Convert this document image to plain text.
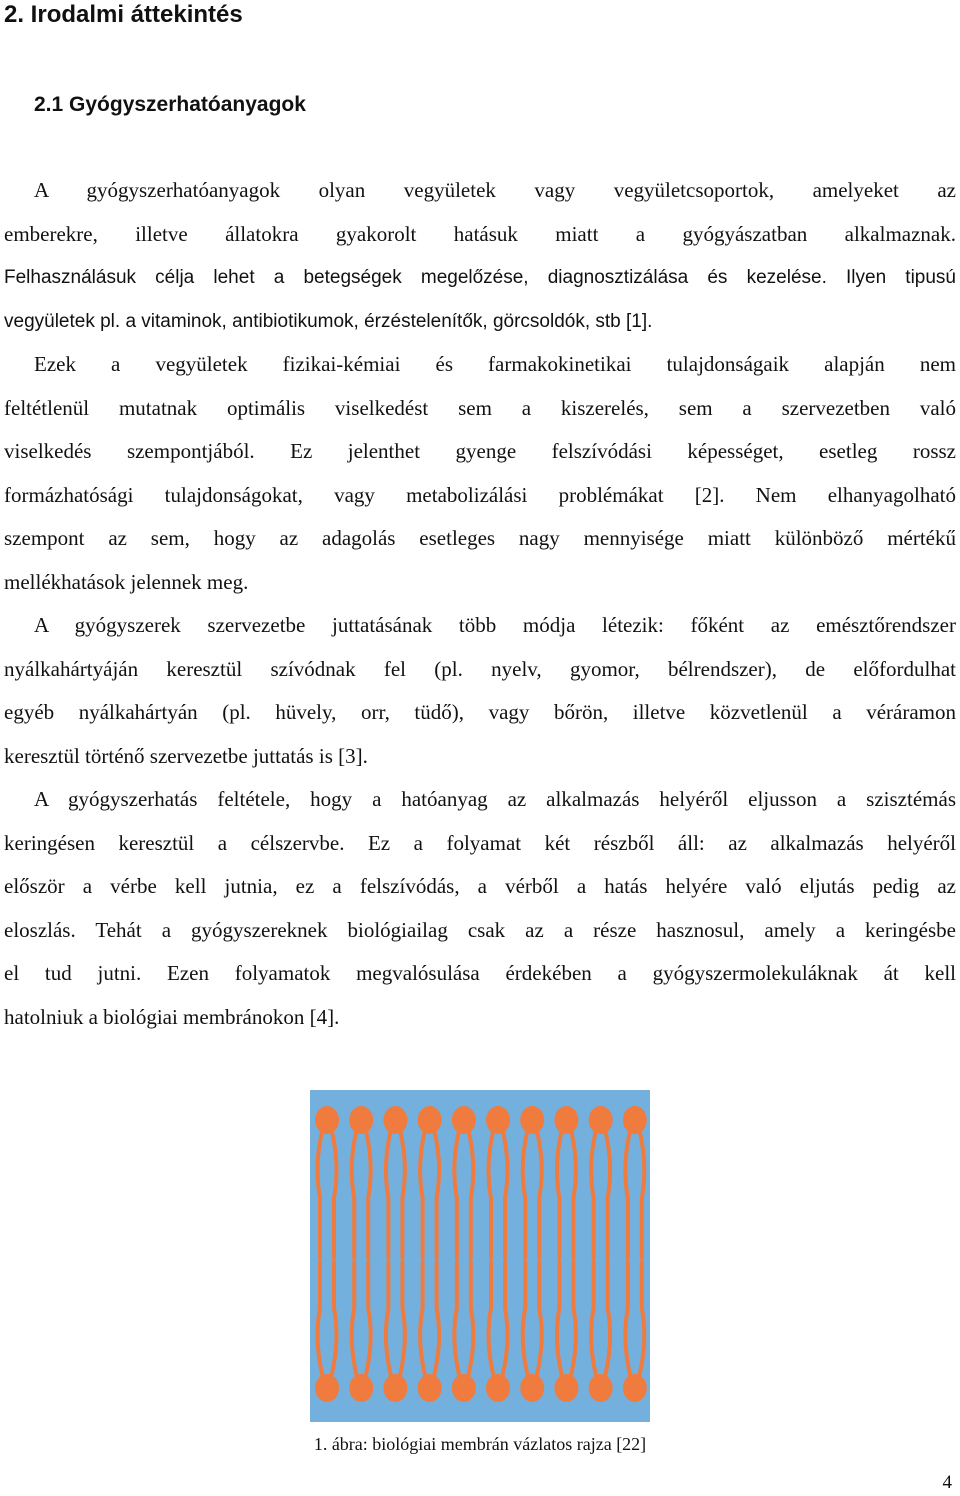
2. Irodalmi áttekintés
2.1 Gyógyszerhatóanyagok

A gyógyszerhatóanyagok olyan vegyületek vagy vegyületcsoportok, amelyeket az
emberekre, illetve állatokra gyakorolt hatásuk miatt a gyógyászatban alkalmaznak.
Felhasználásuk célja lehet a betegségek megelőzése, diagnosztizálása és kezelése. Ilyen tipusú
vegyületek pl. a vitaminok, antibiotikumok, érzéstelenítők, görcsoldók, stb [1].

Ezek a vegyületek fizikai-kémiai és farmakokinetikai tulajdonságaik alapján nem
feltétlenül mutatnak optimális viselkedést sem a kiszerelés, sem a szervezetben való
viselkedés szempontjából. Ez jelenthet gyenge felszívódási képességet, esetleg rossz
formázhatósági tulajdonságokat, vagy metabolizálási problémákat [2]. Nem elhanyagolható
szempont az sem, hogy az adagolás esetleges nagy mennyisége miatt különböző mértékű
mellékhatások jelennek meg.

A gyógyszerek szervezetbe juttatásának több módja létezik: főként az emésztőrendszer
nyálkahártyáján keresztül szívódnak fel (pl. nyelv, gyomor, bélrendszer), de előfordulhat
egyéb nyálkahártyán (pl. hüvely, orr, tüdő), vagy bőrön, illetve közvetlenül a véráramon
keresztül történő szervezetbe juttatás is [3].

A gyógyszerhatás feltétele, hogy a hatóanyag az alkalmazás helyéről eljusson a szisztémás
keringésen keresztül a célszervbe. Ez a folyamat két részből áll: az alkalmazás helyéről
először a vérbe kell jutnia, ez a felszívódás, a vérből a hatás helyére való eljutás pedig az
eloszlás. Tehát a gyógyszereknek biológiailag csak az a része hasznosul, amely a keringésbe
el tud jutni. Ezen folyamatok megvalósulása érdekében a gyógyszermolekuláknak át kell
hatolniuk a biológiai membránokon [4].

1. ábra: biológiai membrán vázlatos rajza [22]
4
